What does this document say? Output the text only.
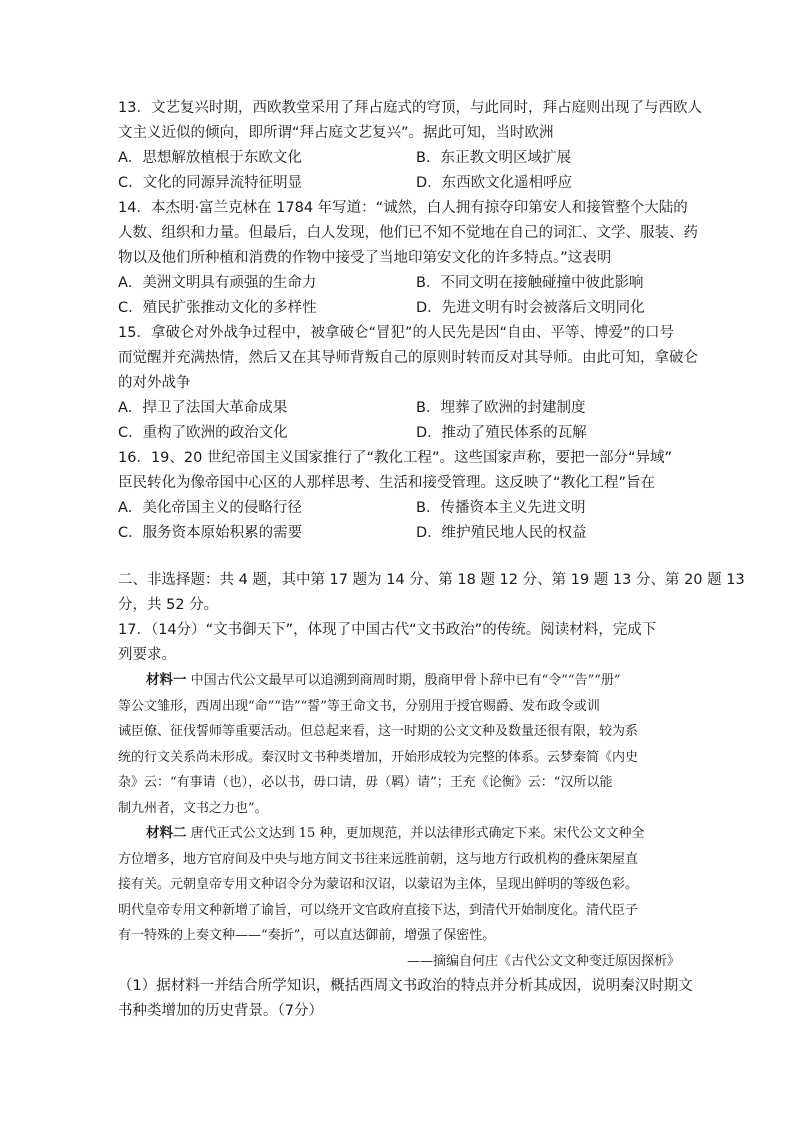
13．文艺复兴时期，西欧教堂采用了拜占庭式的穹顶，与此同时，拜占庭则出现了与西欧人
文主义近似的倾向，即所谓“拜占庭文艺复兴”。据此可知，当时欧洲
A．思想解放植根于东欧文化	B．东正教文明区域扩展
C．文化的同源异流特征明显	D．东西欧文化遥相呼应
14．本杰明·富兰克林在 1784 年写道：“诚然，白人拥有掠夺印第安人和接管整个大陆的
人数、组织和力量。但最后，白人发现，他们已不知不觉地在自己的词汇、文学、服装、药
物以及他们所种植和消费的作物中接受了当地印第安文化的许多特点。”这表明
A．美洲文明具有顽强的生命力	B．不同文明在接触碰撞中彼此影响
C．殖民扩张推动文化的多样性	D．先进文明有时会被落后文明同化
15．拿破仑对外战争过程中，被拿破仑“冒犯”的人民先是因“自由、平等、博爱”的口号
而觉醒并充满热情，然后又在其导师背叛自己的原则时转而反对其导师。由此可知，拿破仑
的对外战争
A．捍卫了法国大革命成果	B．埋葬了欧洲的封建制度
C．重构了欧洲的政治文化	D．推动了殖民体系的瓦解
16．19、20 世纪帝国主义国家推行了“教化工程”。这些国家声称，要把一部分“异域”
臣民转化为像帝国中心区的人那样思考、生活和接受管理。这反映了“教化工程”旨在
A．美化帝国主义的侵略行径	B．传播资本主义先进文明
C．服务资本原始积累的需要	D．维护殖民地人民的权益
二、非选择题：共 4 题，其中第 17 题为 14 分、第 18 题 12 分、第 19 题 13 分、第 20 题 13
分，共 52 分。
17．（14分）“文书御天下”，体现了中国古代“文书政治”的传统。阅读材料，完成下
列要求。
材料一 中国古代公文最早可以追溯到商周时期，殷商甲骨卜辞中已有“令”“告”“册”
等公文雏形，西周出现“命”“诰”“誓”等王命文书，分别用于授官赐爵、发布政令或训
诫臣僚、征伐誓师等重要活动。但总起来看，这一时期的公文文种及数量还很有限，较为系
统的行文关系尚未形成。秦汉时文书种类增加，开始形成较为完整的体系。云梦秦简《内史
杂》云：“有事请（也），必以书，毋口请，毋（羁）请”；王充《论衡》云：“汉所以能
制九州者，文书之力也”。
材料二 唐代正式公文达到 15 种，更加规范，并以法律形式确定下来。宋代公文文种全
方位增多，地方官府间及中央与地方间文书往来远胜前朝，这与地方行政机构的叠床架屋直
接有关。元朝皇帝专用文种诏令分为蒙诏和汉诏，以蒙诏为主体，呈现出鲜明的等级色彩。
明代皇帝专用文种新增了谕旨，可以绕开文官政府直接下达，到清代开始制度化。清代臣子
有一特殊的上奏文种——“奏折”，可以直达御前，增强了保密性。
——摘编自何庄《古代公文文种变迁原因探析》
（1）据材料一并结合所学知识，概括西周文书政治的特点并分析其成因，说明秦汉时期文
书种类增加的历史背景。（7分）
